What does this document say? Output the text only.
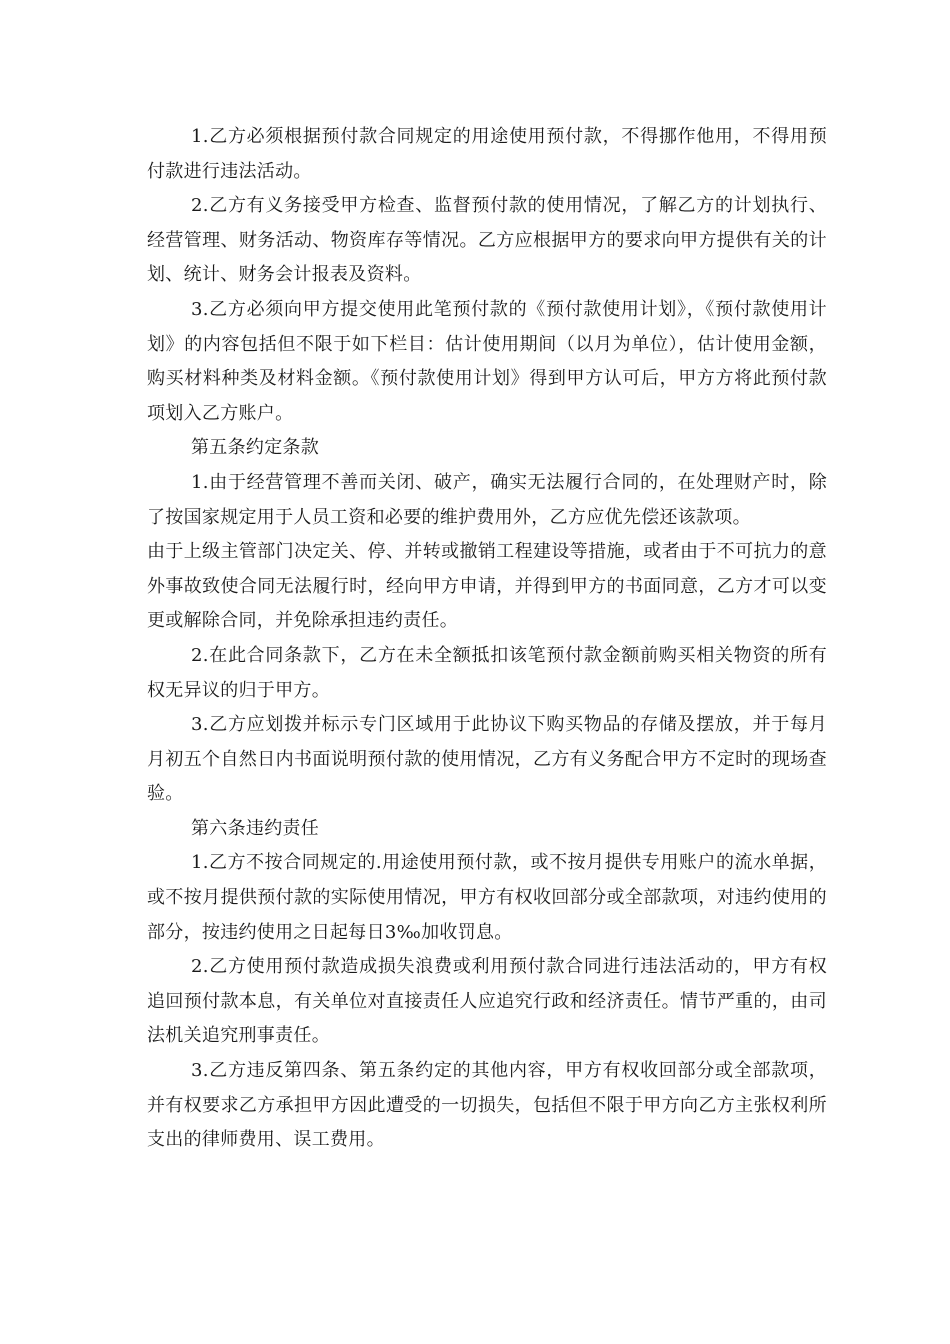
1.乙方必须根据预付款合同规定的用途使用预付款，不得挪作他用，不得用预付款进行违法活动。

2.乙方有义务接受甲方检查、监督预付款的使用情况，了解乙方的计划执行、经营管理、财务活动、物资库存等情况。乙方应根据甲方的要求向甲方提供有关的计划、统计、财务会计报表及资料。

3.乙方必须向甲方提交使用此笔预付款的《预付款使用计划》，《预付款使用计划》的内容包括但不限于如下栏目：估计使用期间（以月为单位），估计使用金额，购买材料种类及材料金额。《预付款使用计划》得到甲方认可后，甲方方将此预付款项划入乙方账户。

第五条约定条款

1.由于经营管理不善而关闭、破产，确实无法履行合同的，在处理财产时，除了按国家规定用于人员工资和必要的维护费用外，乙方应优先偿还该款项。

由于上级主管部门决定关、停、并转或撤销工程建设等措施，或者由于不可抗力的意外事故致使合同无法履行时，经向甲方申请，并得到甲方的书面同意，乙方才可以变更或解除合同，并免除承担违约责任。

2.在此合同条款下，乙方在未全额抵扣该笔预付款金额前购买相关物资的所有权无异议的归于甲方。

3.乙方应划拨并标示专门区域用于此协议下购买物品的存储及摆放，并于每月月初五个自然日内书面说明预付款的使用情况，乙方有义务配合甲方不定时的现场查验。

第六条违约责任

1.乙方不按合同规定的.用途使用预付款，或不按月提供专用账户的流水单据，或不按月提供预付款的实际使用情况，甲方有权收回部分或全部款项，对违约使用的部分，按违约使用之日起每日3‰加收罚息。

2.乙方使用预付款造成损失浪费或利用预付款合同进行违法活动的，甲方有权追回预付款本息，有关单位对直接责任人应追究行政和经济责任。情节严重的，由司法机关追究刑事责任。

3.乙方违反第四条、第五条约定的其他内容，甲方有权收回部分或全部款项，并有权要求乙方承担甲方因此遭受的一切损失，包括但不限于甲方向乙方主张权利所支出的律师费用、误工费用。
